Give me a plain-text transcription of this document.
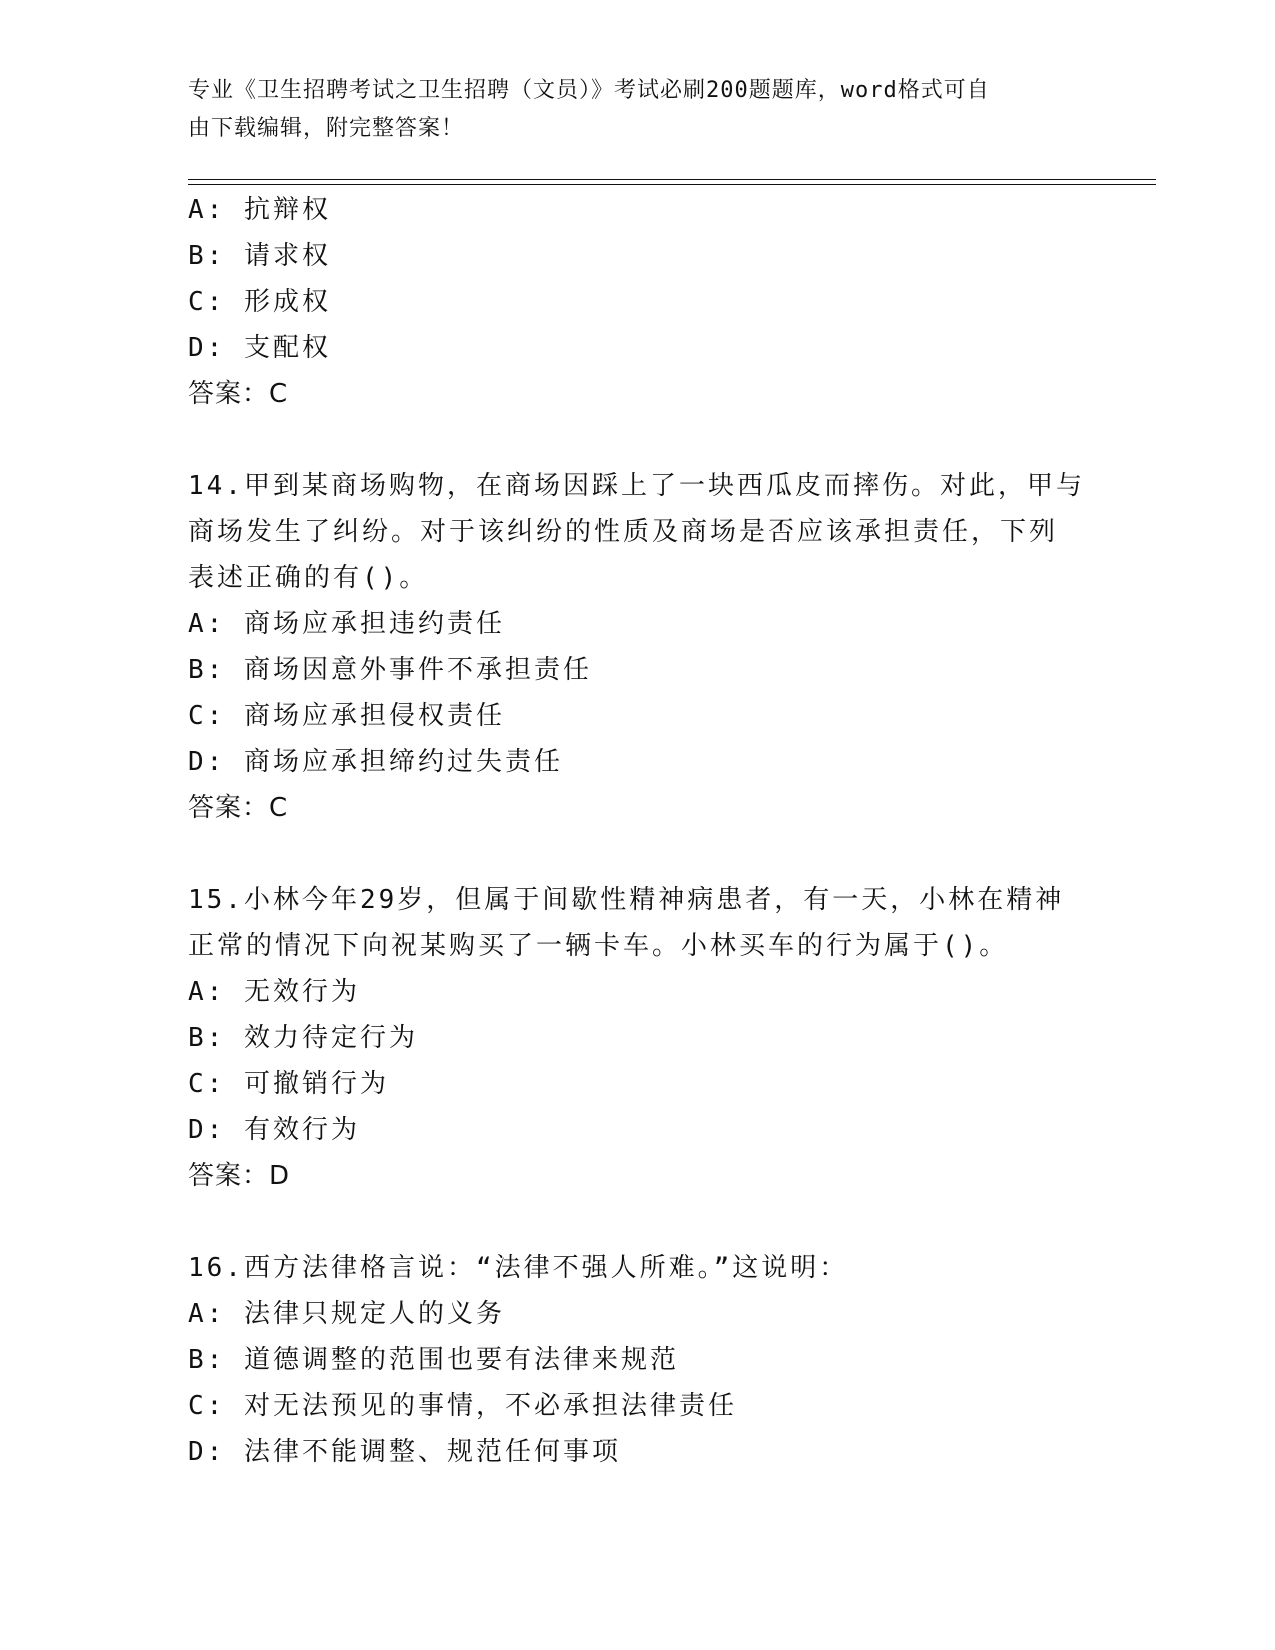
专业《卫生招聘考试之卫生招聘（文员）》考试必刷200题题库，word格式可自
由下载编辑，附完整答案！
A: 抗辩权
B: 请求权
C: 形成权
D: 支配权
答案：C
14.甲到某商场购物，在商场因踩上了一块西瓜皮而摔伤。对此，甲与
商场发生了纠纷。对于该纠纷的性质及商场是否应该承担责任，下列
表述正确的有()。
A: 商场应承担违约责任
B: 商场因意外事件不承担责任
C: 商场应承担侵权责任
D: 商场应承担缔约过失责任
答案：C
15.小林今年29岁，但属于间歇性精神病患者，有一天，小林在精神
正常的情况下向祝某购买了一辆卡车。小林买车的行为属于()。
A: 无效行为
B: 效力待定行为
C: 可撤销行为
D: 有效行为
答案：D
16.西方法律格言说：“法律不强人所难。”这说明：
A: 法律只规定人的义务
B: 道德调整的范围也要有法律来规范
C: 对无法预见的事情，不必承担法律责任
D: 法律不能调整、规范任何事项
